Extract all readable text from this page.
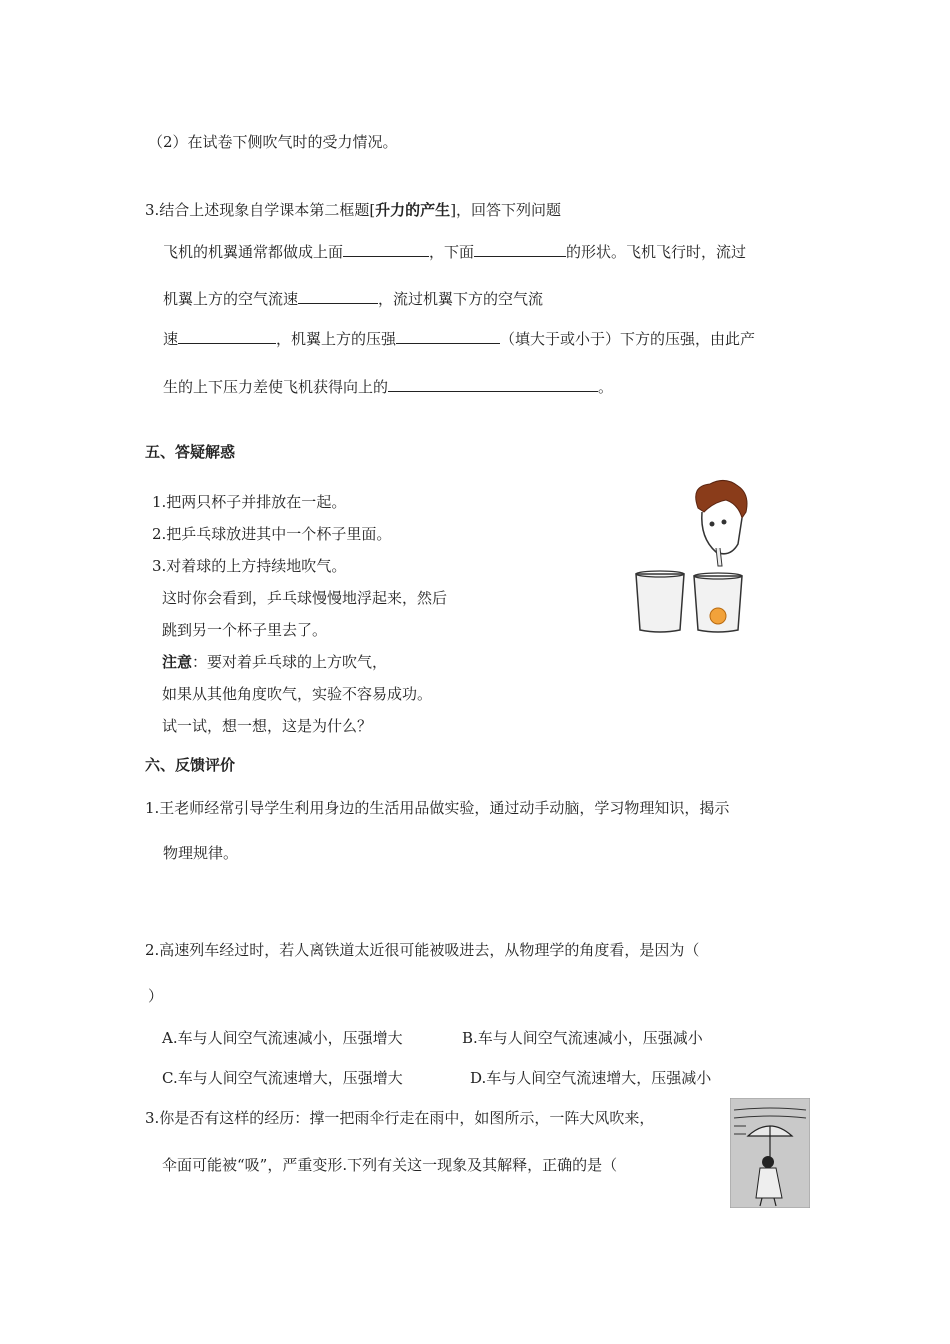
（2）在试卷下侧吹气时的受力情况。
3.结合上述现象自学课本第二框题[升力的产生]，回答下列问题
飞机的机翼通常都做成上面	，下面	的形状。飞机飞行时，流过
机翼上方的空气流速	，流过机翼下方的空气流
速	，机翼上方的压强	（填大于或小于）下方的压强，由此产
生的上下压力差使飞机获得向上的	。
五、答疑解惑
1.把两只杯子并排放在一起。
2.把乒乓球放进其中一个杯子里面。
3.对着球的上方持续地吹气。
这时你会看到，乒乓球慢慢地浮起来，然后
跳到另一个杯子里去了。
注意：要对着乒乓球的上方吹气，
如果从其他角度吹气，实验不容易成功。
试一试，想一想，这是为什么？
六、反馈评价
1.王老师经常引导学生利用身边的生活用品做实验，通过动手动脑，学习物理知识，揭示
物理规律。
2.高速列车经过时，若人离铁道太近很可能被吸进去，从物理学的角度看，是因为（
）
A.车与人间空气流速减小，压强增大	B.车与人间空气流速减小，压强减小
C.车与人间空气流速增大，压强增大	D.车与人间空气流速增大，压强减小
3.你是否有这样的经历：撑一把雨伞行走在雨中，如图所示，一阵大风吹来，
伞面可能被“吸”，严重变形.下列有关这一现象及其解释，正确的是（
